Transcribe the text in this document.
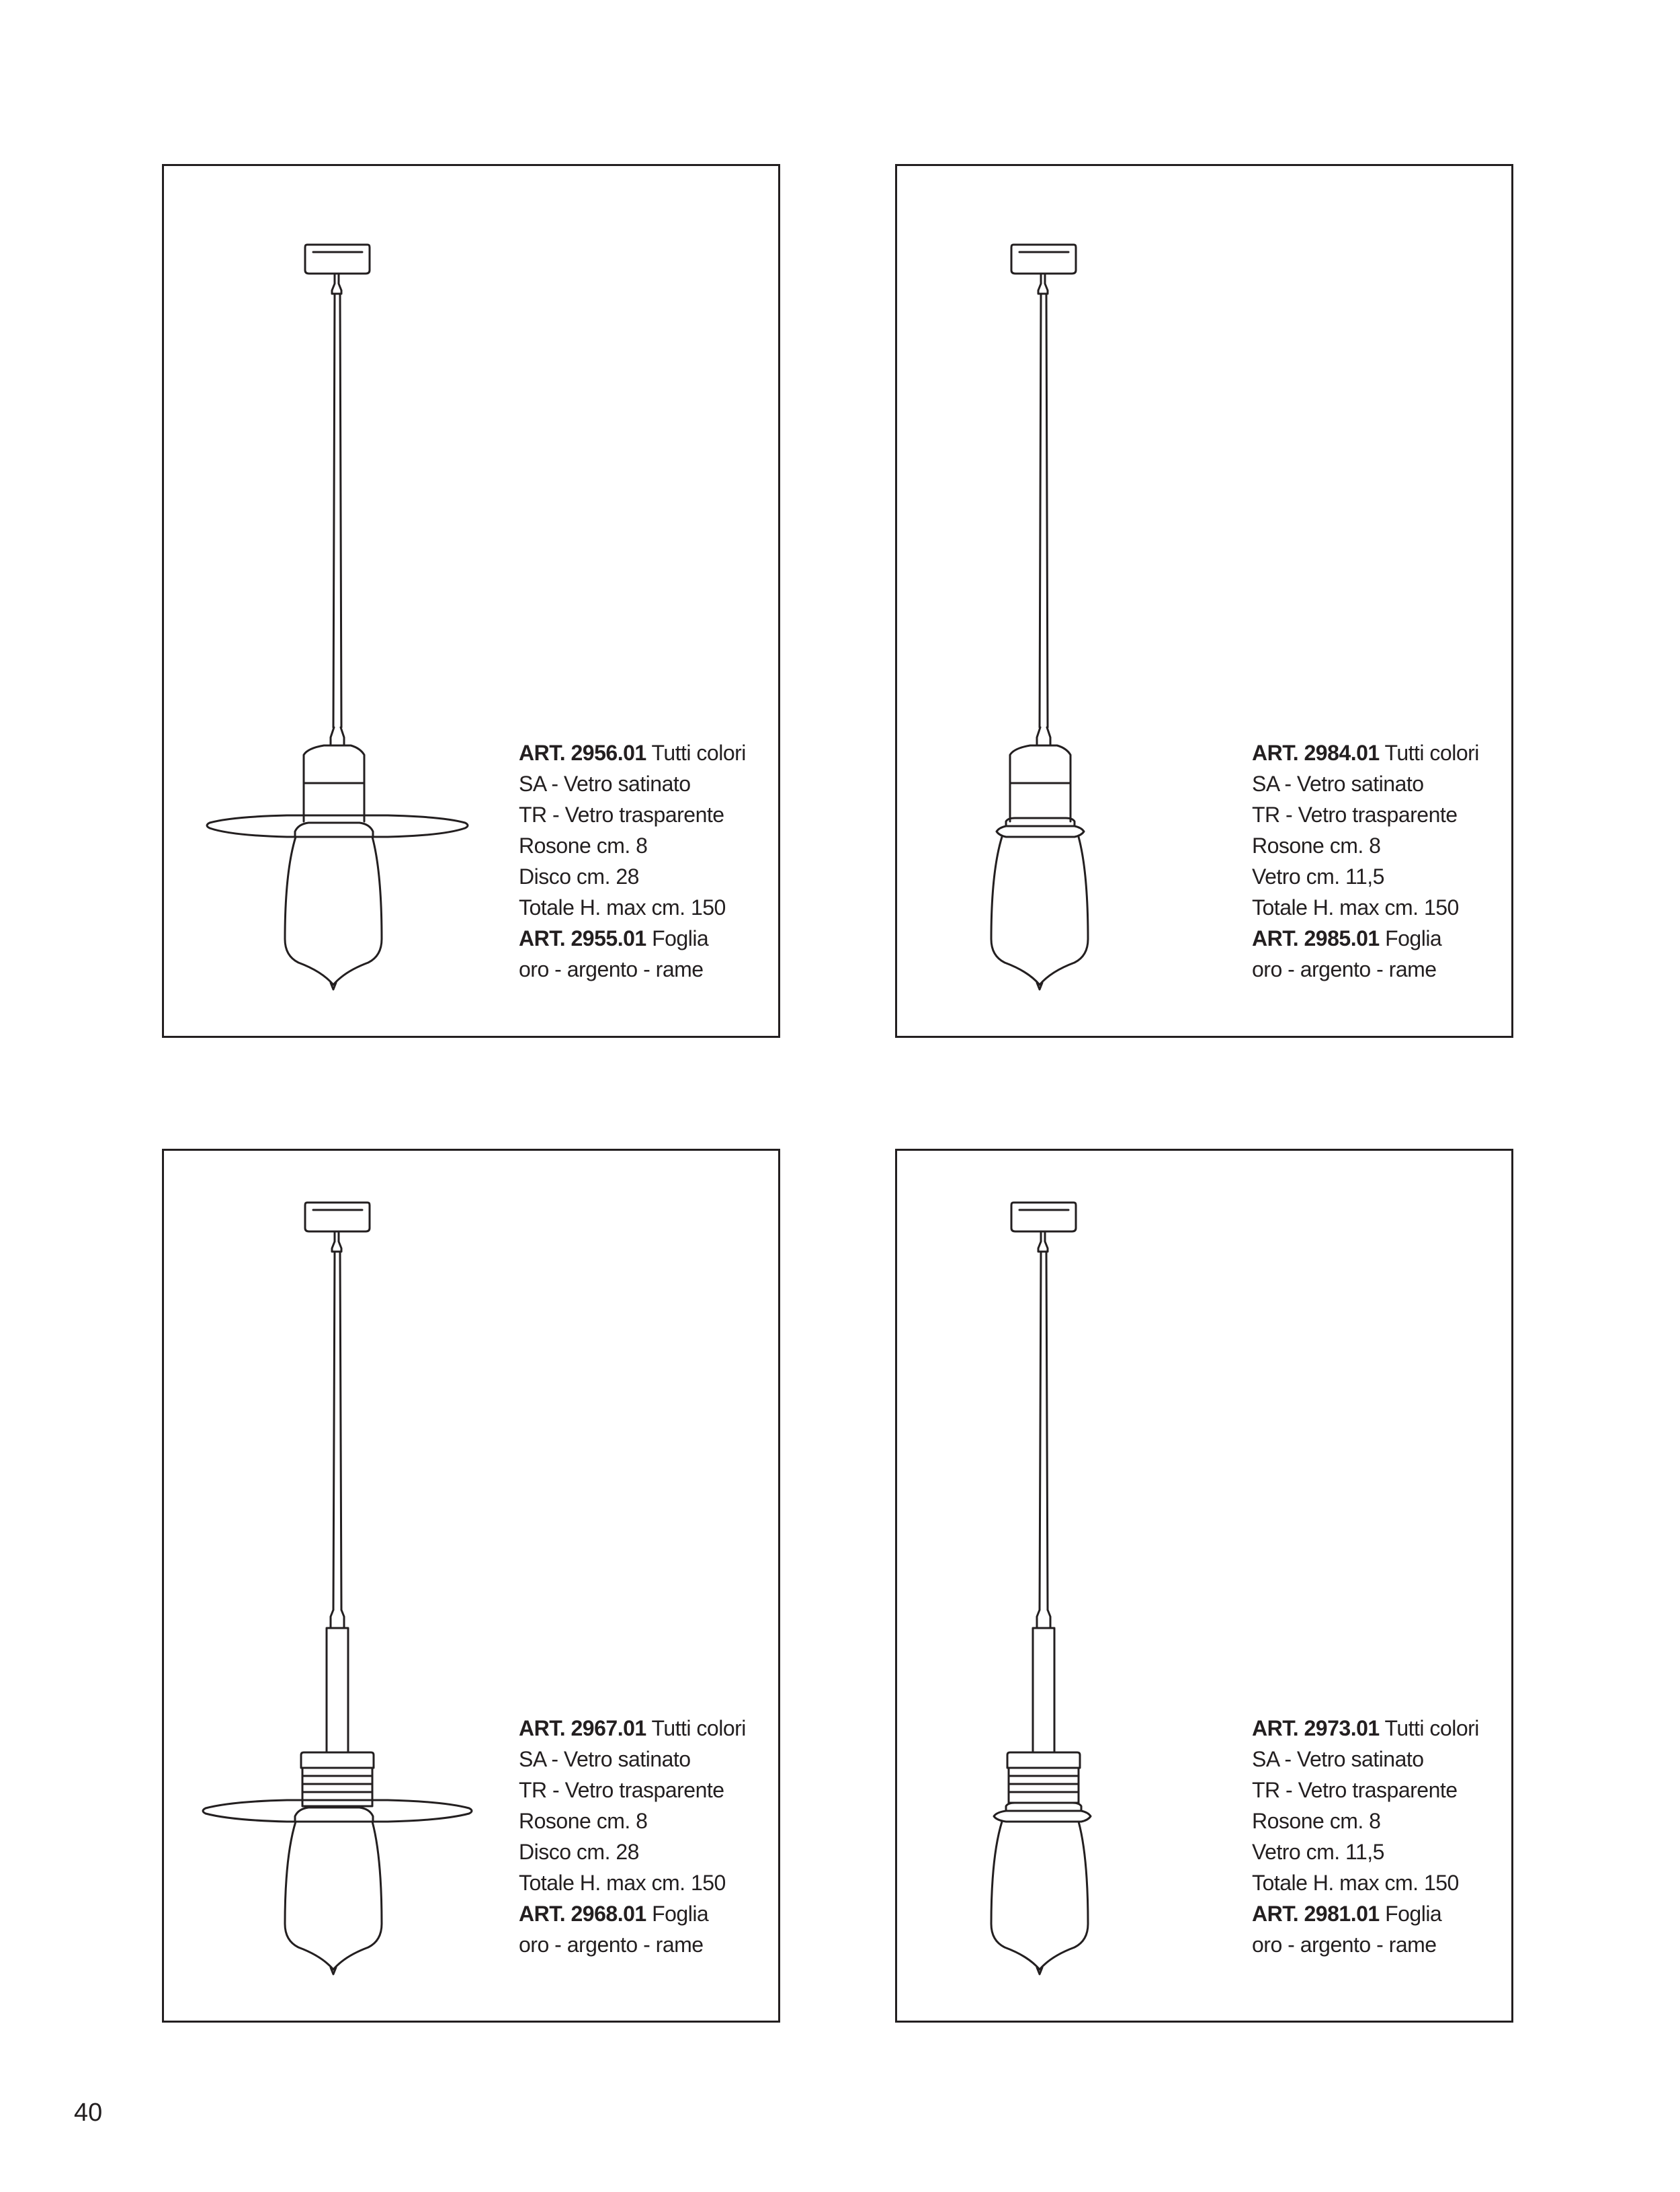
ART. 2956.01 Tutti colori
SA - Vetro satinato
TR - Vetro trasparente
Rosone cm. 8
Disco cm. 28
Totale H. max cm. 150
ART. 2955.01 Foglia
oro - argento - rame
ART. 2984.01 Tutti colori
SA - Vetro satinato
TR - Vetro trasparente
Rosone cm. 8
Vetro cm. 11,5
Totale H. max cm. 150
ART. 2985.01 Foglia
oro - argento - rame
ART. 2967.01 Tutti colori
SA - Vetro satinato
TR - Vetro trasparente
Rosone cm. 8
Disco cm. 28
Totale H. max cm. 150
ART. 2968.01 Foglia
oro - argento - rame
ART. 2973.01 Tutti colori
SA - Vetro satinato
TR - Vetro trasparente
Rosone cm. 8
Vetro cm. 11,5
Totale H. max cm. 150
ART. 2981.01 Foglia
oro - argento - rame
40
